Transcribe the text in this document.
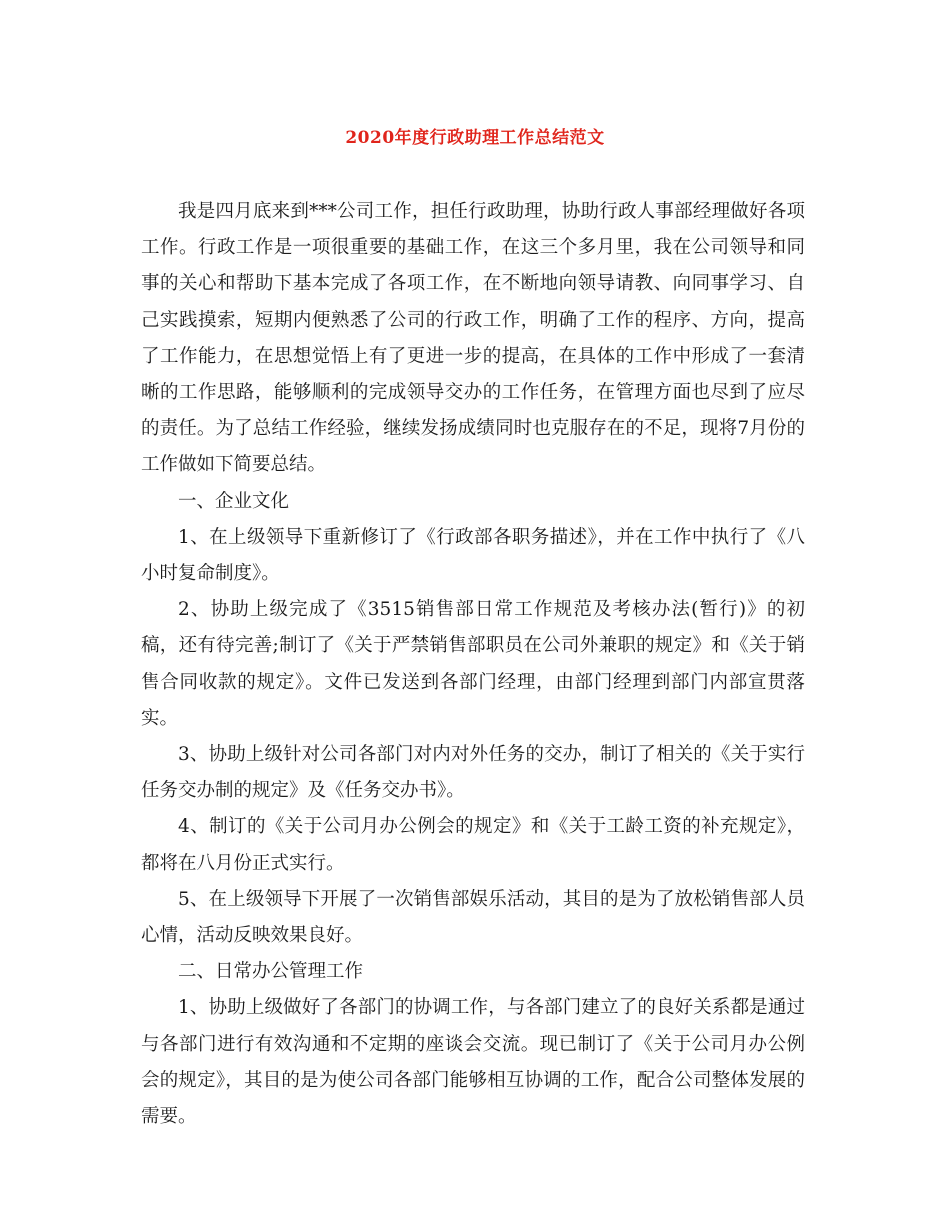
2020年度行政助理工作总结范文

我是四月底来到***公司工作，担任行政助理，协助行政人事部经理做好各项工作。行政工作是一项很重要的基础工作，在这三个多月里，我在公司领导和同事的关心和帮助下基本完成了各项工作，在不断地向领导请教、向同事学习、自己实践摸索，短期内便熟悉了公司的行政工作，明确了工作的程序、方向，提高了工作能力，在思想觉悟上有了更进一步的提高，在具体的工作中形成了一套清晰的工作思路，能够顺利的完成领导交办的工作任务，在管理方面也尽到了应尽的责任。为了总结工作经验，继续发扬成绩同时也克服存在的不足，现将7月份的工作做如下简要总结。

一、企业文化

1、在上级领导下重新修订了《行政部各职务描述》，并在工作中执行了《八小时复命制度》。

2、协助上级完成了《3515销售部日常工作规范及考核办法(暂行)》的初稿，还有待完善;制订了《关于严禁销售部职员在公司外兼职的规定》和《关于销售合同收款的规定》。文件已发送到各部门经理，由部门经理到部门内部宣贯落实。

3、协助上级针对公司各部门对内对外任务的交办，制订了相关的《关于实行任务交办制的规定》及《任务交办书》。

4、制订的《关于公司月办公例会的规定》和《关于工龄工资的补充规定》，都将在八月份正式实行。

5、在上级领导下开展了一次销售部娱乐活动，其目的是为了放松销售部人员心情，活动反映效果良好。

二、日常办公管理工作

1、协助上级做好了各部门的协调工作，与各部门建立了的良好关系都是通过与各部门进行有效沟通和不定期的座谈会交流。现已制订了《关于公司月办公例会的规定》，其目的是为使公司各部门能够相互协调的工作，配合公司整体发展的需要。
